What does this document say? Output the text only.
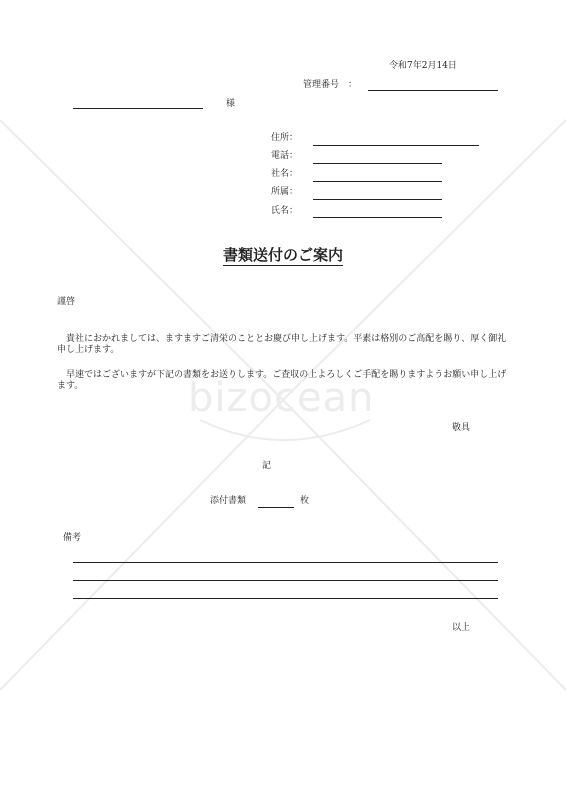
bizocean
令和7年2月14日
管理番号　：
様
住所：
電話：
社名：
所属：
氏名：
書類送付のご案内
謹啓
貴社におかれましては、ますますご清栄のこととお慶び申し上げます。平素は格別のご高配を賜り、厚く御礼申し上げます。
早速ではございますが下記の書類をお送りします。ご査収の上よろしくご手配を賜りますようお願い申し上げます。
敬具
記
添付書類	枚
備考
以上
